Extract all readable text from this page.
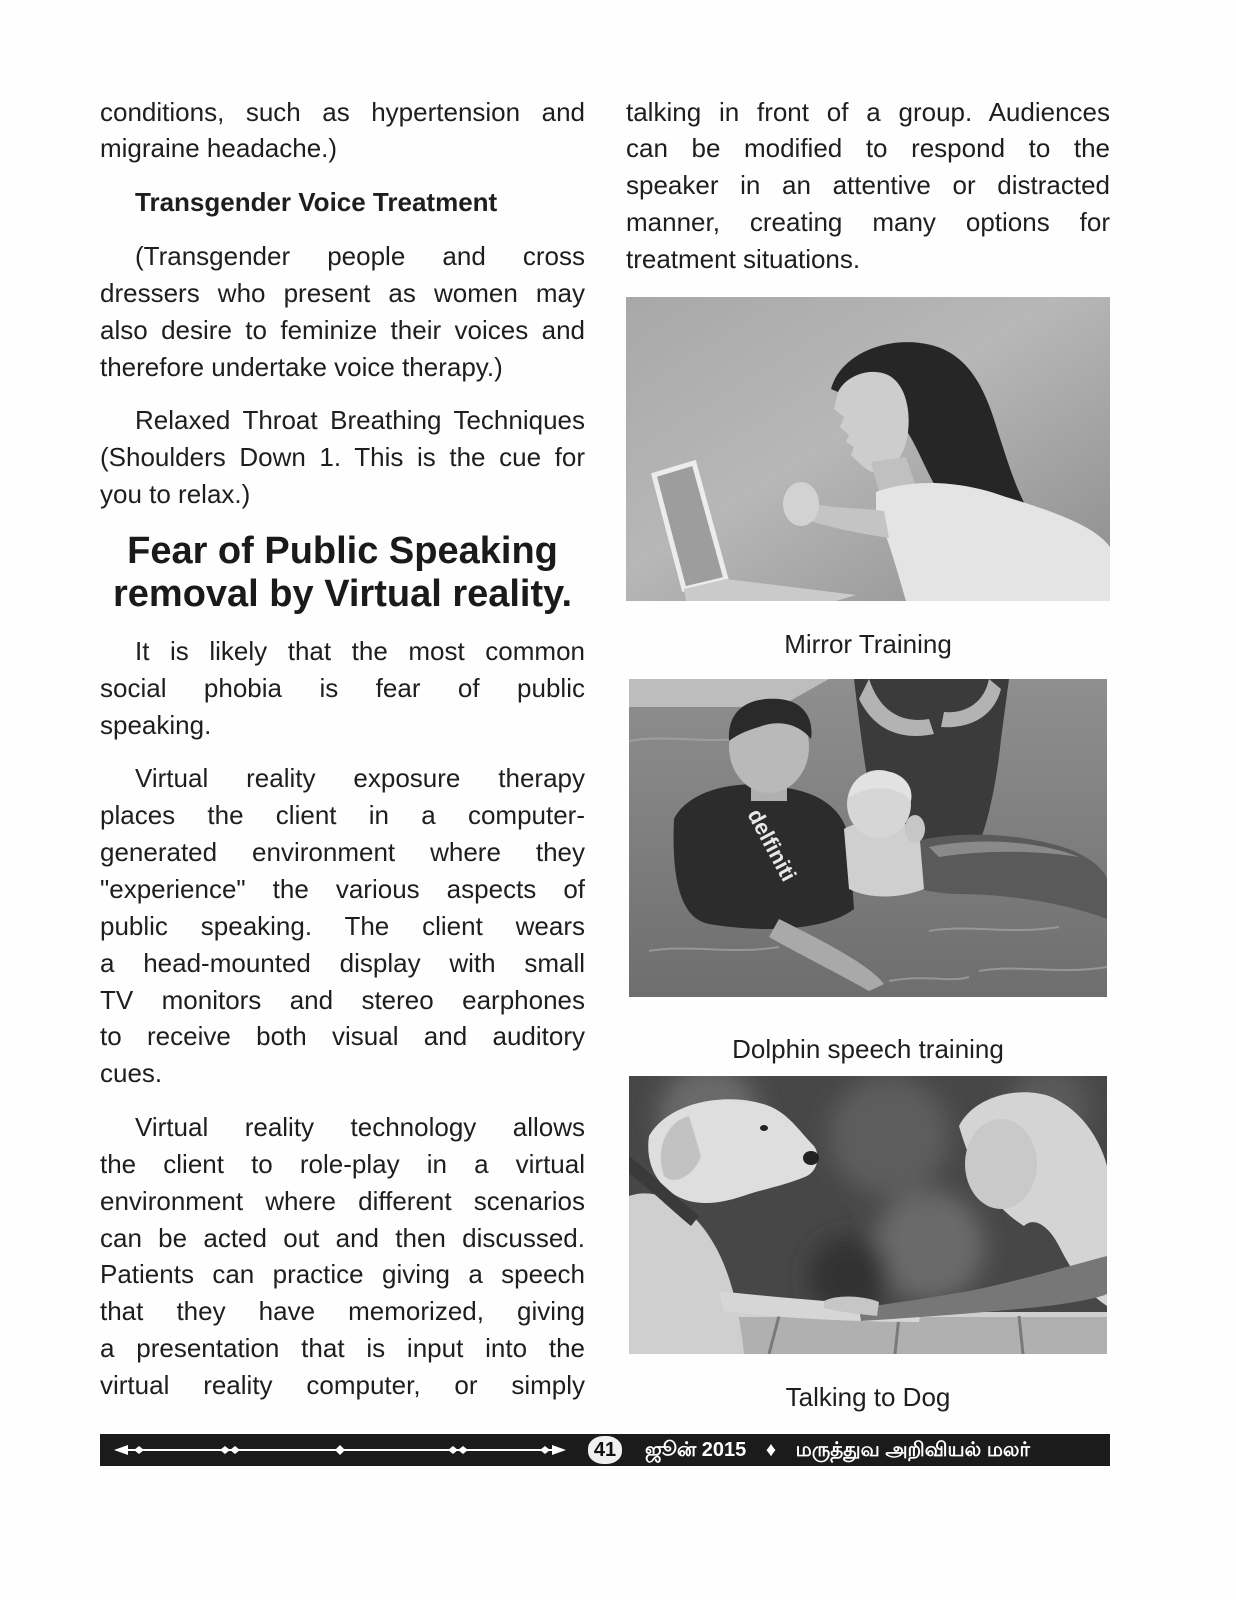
conditions, such as hypertension and
migraine headache.)
Transgender Voice Treatment
(Transgender people and cross
dressers who present as women may
also desire to feminize their voices and
therefore undertake voice therapy.)
Relaxed Throat Breathing Techniques
(Shoulders Down 1. This is the cue for
you to relax.)
Fear of Public Speaking
removal by Virtual reality.
It is likely that the most common
social phobia is fear of public
speaking.
Virtual reality exposure therapy
places the client in a computer-
generated environment where they
"experience" the various aspects of
public speaking. The client wears
a head-mounted display with small
TV monitors and stereo earphones
to receive both visual and auditory
cues.
Virtual reality technology allows
the client to role-play in a virtual
environment where different scenarios
can be acted out and then discussed.
Patients can practice giving a speech
that they have memorized, giving
a presentation that is input into the
virtual reality computer, or simply
talking in front of a group. Audiences
can be modified to respond to the
speaker in an attentive or distracted
manner, creating many options for
treatment situations.
Mirror Training
delfiniti
Dolphin speech training
Talking to Dog
41 ஜூன் 2015 ♦ மருத்துவ அறிவியல் மலர்
